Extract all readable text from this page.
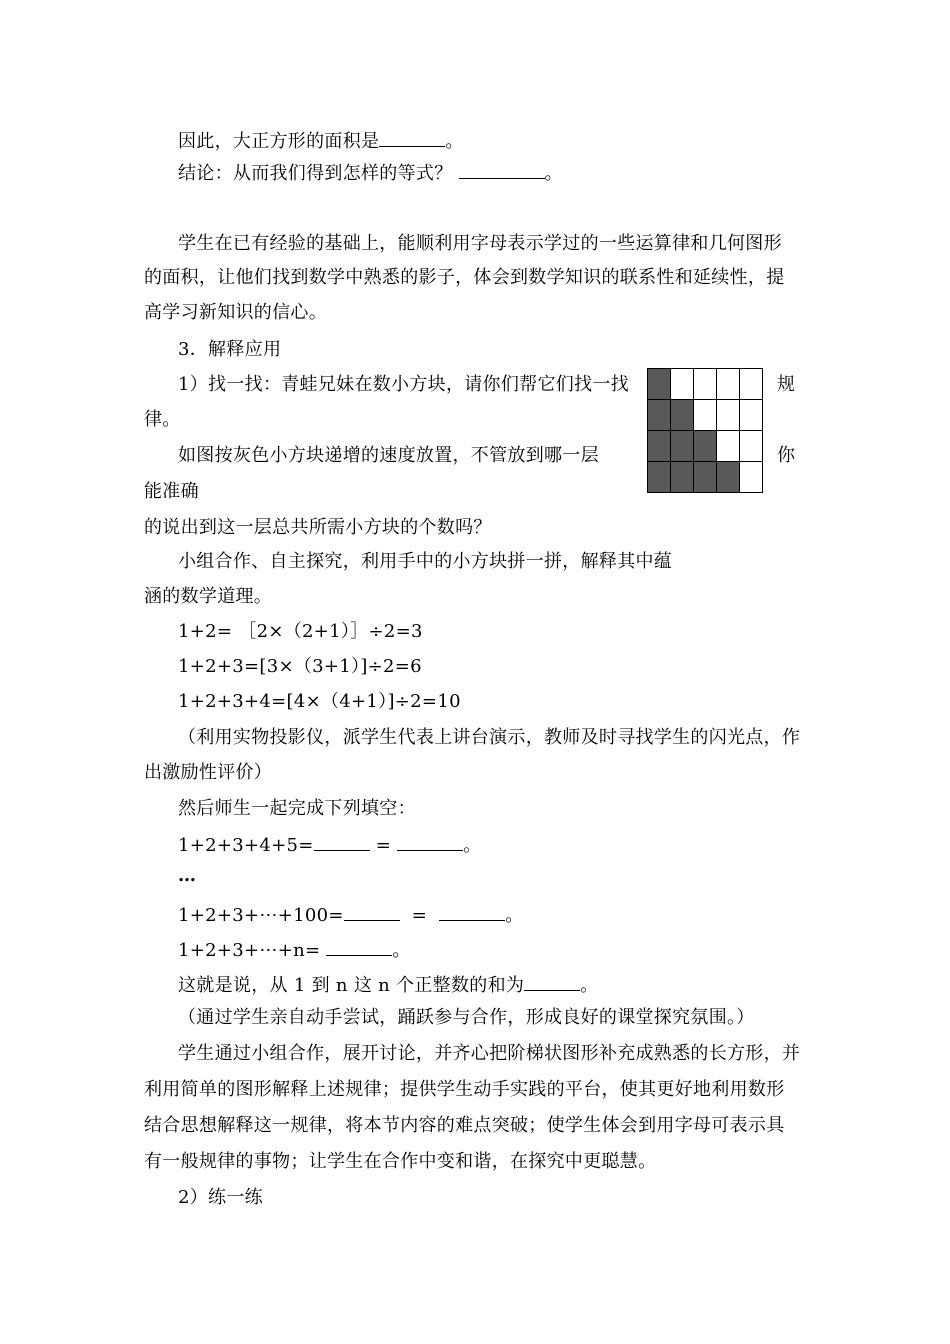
因此，大正方形的面积是	。
结论：从而我们得到怎样的等式？	。
学生在已有经验的基础上，能顺利用字母表示学过的一些运算律和几何图形
的面积，让他们找到数学中熟悉的影子，体会到数学知识的联系性和延续性，提
高学习新知识的信心。
3．解释应用
1）找一找：青蛙兄妹在数小方块，请你们帮它们找一找	规
律。
如图按灰色小方块递增的速度放置，不管放到哪一层	你
能准确
的说出到这一层总共所需小方块的个数吗？
小组合作、自主探究，利用手中的小方块拼一拼，解释其中蕴
涵的数学道理。
1+2= ［2×（2+1）］÷2=3
1+2+3=[3×（3+1）]÷2=6
1+2+3+4=[4×（4+1）]÷2=10
（利用实物投影仪，派学生代表上讲台演示，教师及时寻找学生的闪光点，作
出激励性评价）
然后师生一起完成下列填空：
1+2+3+4+5=	=	。
…
1+2+3+⋯+100=	=	。
1+2+3+⋯+n=	。
这就是说，从 1 到 n 这 n 个正整数的和为	。
（通过学生亲自动手尝试，踊跃参与合作，形成良好的课堂探究氛围。）
学生通过小组合作，展开讨论，并齐心把阶梯状图形补充成熟悉的长方形，并
利用简单的图形解释上述规律；提供学生动手实践的平台，使其更好地利用数形
结合思想解释这一规律，将本节内容的难点突破；使学生体会到用字母可表示具
有一般规律的事物；让学生在合作中变和谐，在探究中更聪慧。
2）练一练
